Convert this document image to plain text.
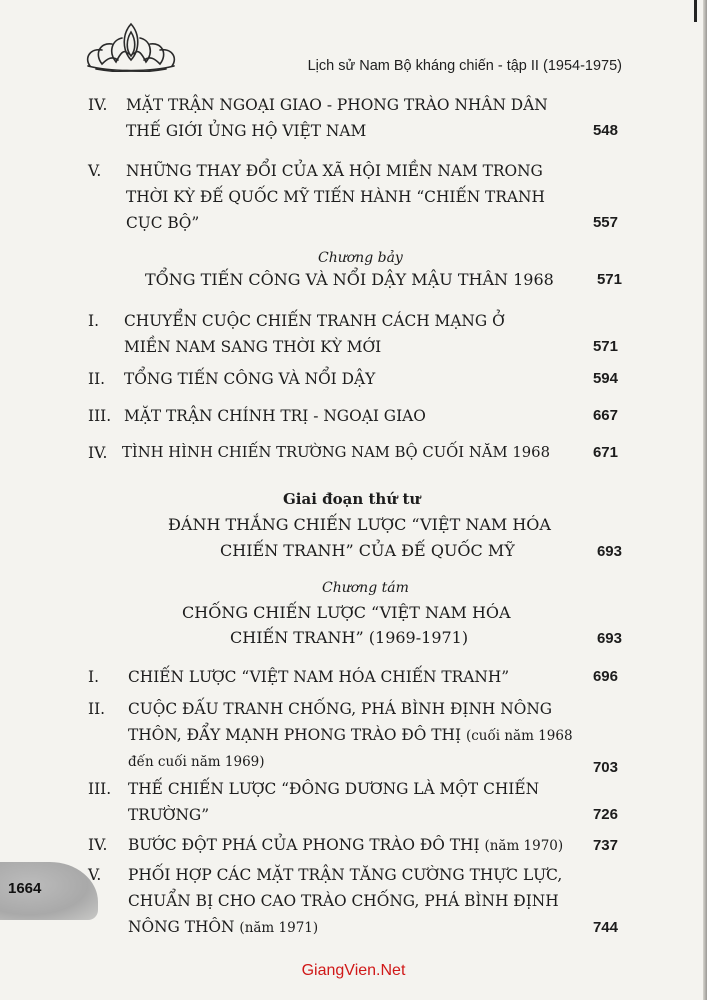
Lịch sử Nam Bộ kháng chiến - tập II (1954-1975)
IV. MẶT TRẬN NGOẠI GIAO - PHONG TRÀO NHÂN DÂN
THẾ GIỚI ỦNG HỘ VIỆT NAM	548
V. NHỮNG THAY ĐỔI CỦA XÃ HỘI MIỀN NAM TRONG
THỜI KỲ ĐẾ QUỐC MỸ TIẾN HÀNH “CHIẾN TRANH
CỤC BỘ”	557
Chương bảy
TỔNG TIẾN CÔNG VÀ NỔI DẬY MẬU THÂN 1968	571
I. CHUYỂN CUỘC CHIẾN TRANH CÁCH MẠNG Ở
MIỀN NAM SANG THỜI KỲ MỚI	571
II. TỔNG TIẾN CÔNG VÀ NỔI DẬY	594
III. MẶT TRẬN CHÍNH TRỊ - NGOẠI GIAO	667
IV. TÌNH HÌNH CHIẾN TRƯỜNG NAM BỘ CUỐI NĂM 1968	671
Giai đoạn thứ tư
ĐÁNH THẮNG CHIẾN LƯỢC “VIỆT NAM HÓA
CHIẾN TRANH” CỦA ĐẾ QUỐC MỸ	693
Chương tám
CHỐNG CHIẾN LƯỢC “VIỆT NAM HÓA
CHIẾN TRANH” (1969-1971)	693
I. CHIẾN LƯỢC “VIỆT NAM HÓA CHIẾN TRANH”	696
II. CUỘC ĐẤU TRANH CHỐNG, PHÁ BÌNH ĐỊNH NÔNG
THÔN, ĐẨY MẠNH PHONG TRÀO ĐÔ THỊ (cuối năm 1968
đến cuối năm 1969)	703
III. THẾ CHIẾN LƯỢC “ĐÔNG DƯƠNG LÀ MỘT CHIẾN
TRƯỜNG”	726
IV. BƯỚC ĐỘT PHÁ CỦA PHONG TRÀO ĐÔ THỊ (năm 1970) 737
V. PHỐI HỢP CÁC MẶT TRẬN TĂNG CƯỜNG THỰC LỰC,
CHUẨN BỊ CHO CAO TRÀO CHỐNG, PHÁ BÌNH ĐỊNH
NÔNG THÔN (năm 1971)	744
1664
GiangVien.Net
